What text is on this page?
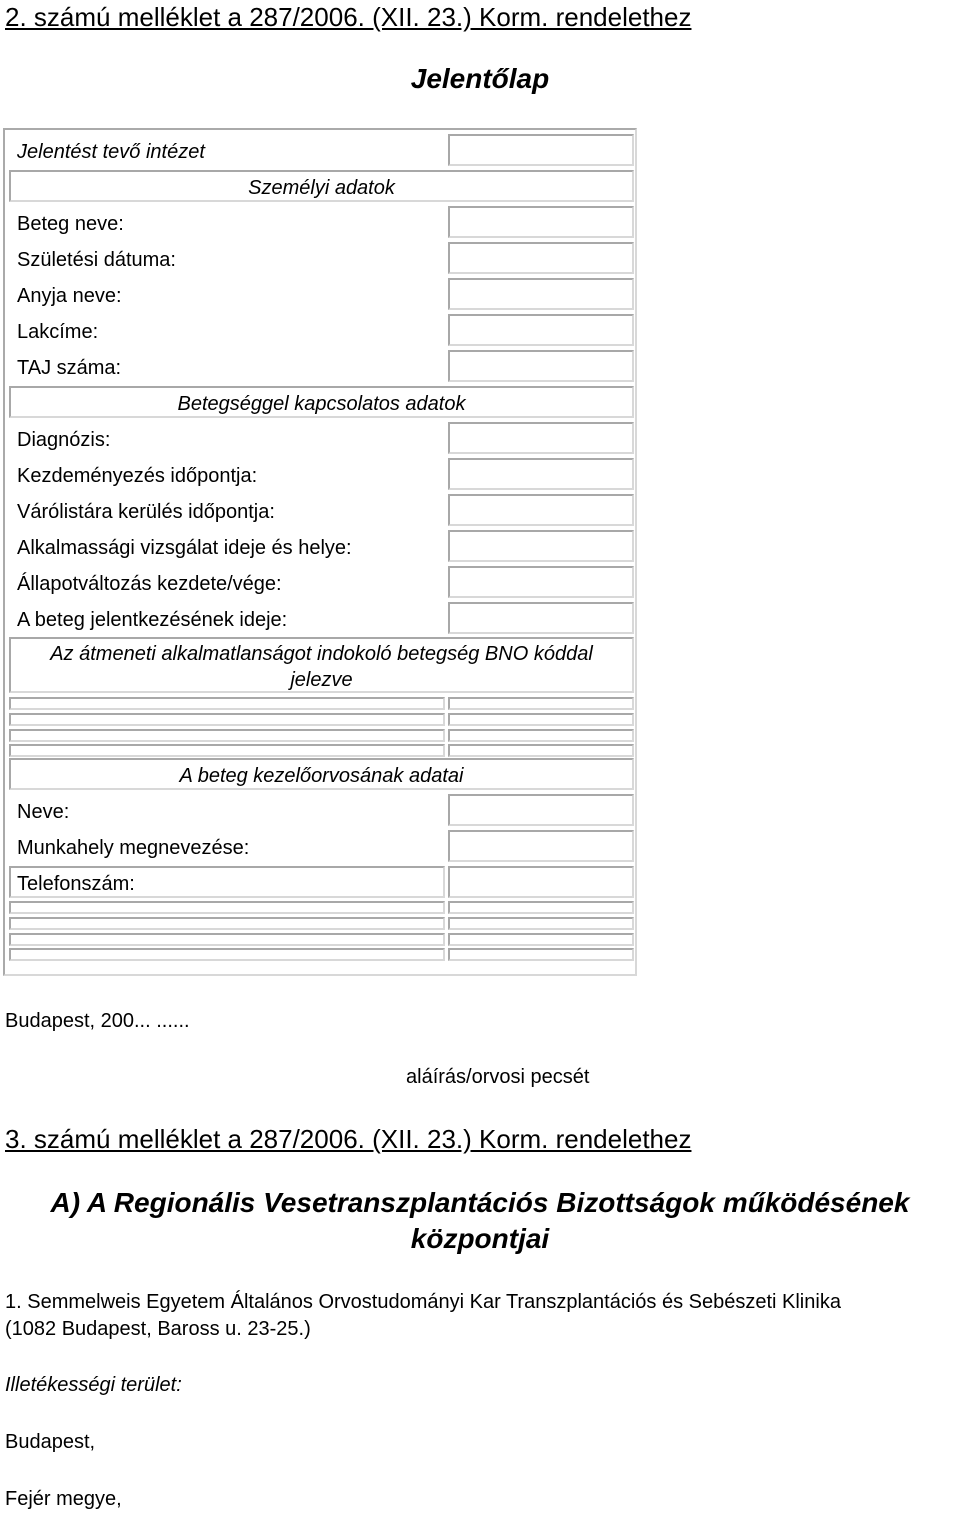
2. számú melléklet a 287/2006. (XII. 23.) Korm. rendelethez
Jelentőlap
Jelentést tevő intézet
Személyi adatok
Beteg neve:
Születési dátuma:
Anyja neve:
Lakcíme:
TAJ száma:
Betegséggel kapcsolatos adatok
Diagnózis:
Kezdeményezés időpontja:
Várólistára kerülés időpontja:
Alkalmassági vizsgálat ideje és helye:
Állapotváltozás kezdete/vége:
A beteg jelentkezésének ideje:
Az átmeneti alkalmatlanságot indokoló betegség BNO kóddal jelezve
A beteg kezelőorvosának adatai
Neve:
Munkahely megnevezése:
Telefonszám:
Budapest, 200... ......
aláírás/orvosi pecsét
3. számú melléklet a 287/2006. (XII. 23.) Korm. rendelethez
A) A Regionális Vesetranszplantációs Bizottságok működésének központjai
1. Semmelweis Egyetem Általános Orvostudományi Kar Transzplantációs és Sebészeti Klinika
(1082 Budapest, Baross u. 23-25.)
Illetékességi terület:
Budapest,
Fejér megye,
